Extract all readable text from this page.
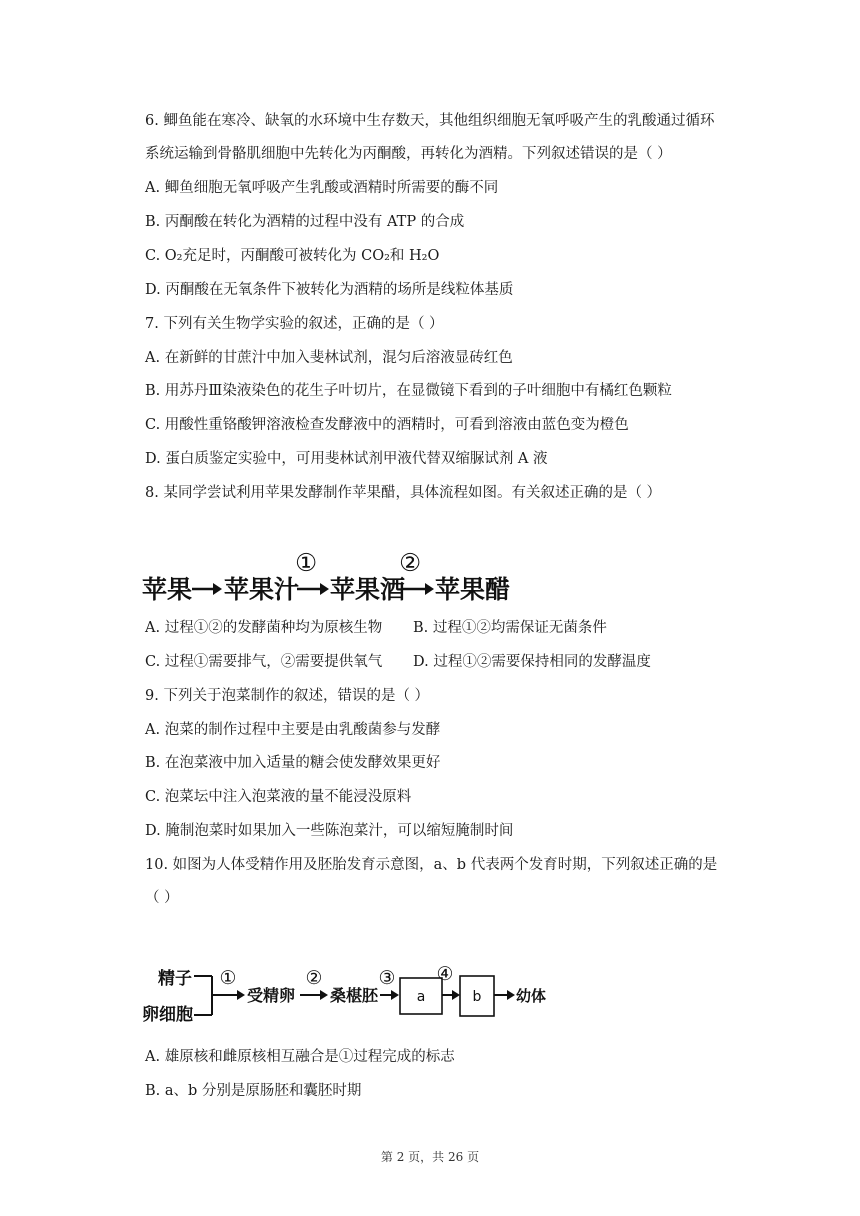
6. 鲫鱼能在寒冷、缺氧的水环境中生存数天，其他组织细胞无氧呼吸产生的乳酸通过循环
系统运输到骨骼肌细胞中先转化为丙酮酸，再转化为酒精。下列叙述错误的是（ ）
A. 鲫鱼细胞无氧呼吸产生乳酸或酒精时所需要的酶不同
B. 丙酮酸在转化为酒精的过程中没有 ATP 的合成
C. O₂充足时，丙酮酸可被转化为 CO₂和 H₂O
D. 丙酮酸在无氧条件下被转化为酒精的场所是线粒体基质
7. 下列有关生物学实验的叙述，正确的是（ ）
A. 在新鲜的甘蔗汁中加入斐林试剂，混匀后溶液显砖红色
B. 用苏丹Ⅲ染液染色的花生子叶切片，在显微镜下看到的子叶细胞中有橘红色颗粒
C. 用酸性重铬酸钾溶液检查发酵液中的酒精时，可看到溶液由蓝色变为橙色
D. 蛋白质鉴定实验中，可用斐林试剂甲液代替双缩脲试剂 A 液
8. 某同学尝试利用苹果发酵制作苹果醋，具体流程如图。有关叙述正确的是（ ）
苹果 苹果汁
①
苹果酒
②
苹果醋
A. 过程①②的发酵菌种均为原核生物 B. 过程①②均需保证无菌条件
C. 过程①需要排气，②需要提供氧气 D. 过程①②需要保持相同的发酵温度
9. 下列关于泡菜制作的叙述，错误的是（ ）
A. 泡菜的制作过程中主要是由乳酸菌参与发酵
B. 在泡菜液中加入适量的糖会使发酵效果更好
C. 泡菜坛中注入泡菜液的量不能浸没原料
D. 腌制泡菜时如果加入一些陈泡菜汁，可以缩短腌制时间
10. 如图为人体受精作用及胚胎发育示意图，a、b 代表两个发育时期，下列叙述正确的是
（ ）
精子
卵细胞
①
受精卵
②
桑椹胚
③
a
④
b 幼体
A. 雄原核和雌原核相互融合是①过程完成的标志
B. a、b 分别是原肠胚和囊胚时期
第 2 页，共 26 页
